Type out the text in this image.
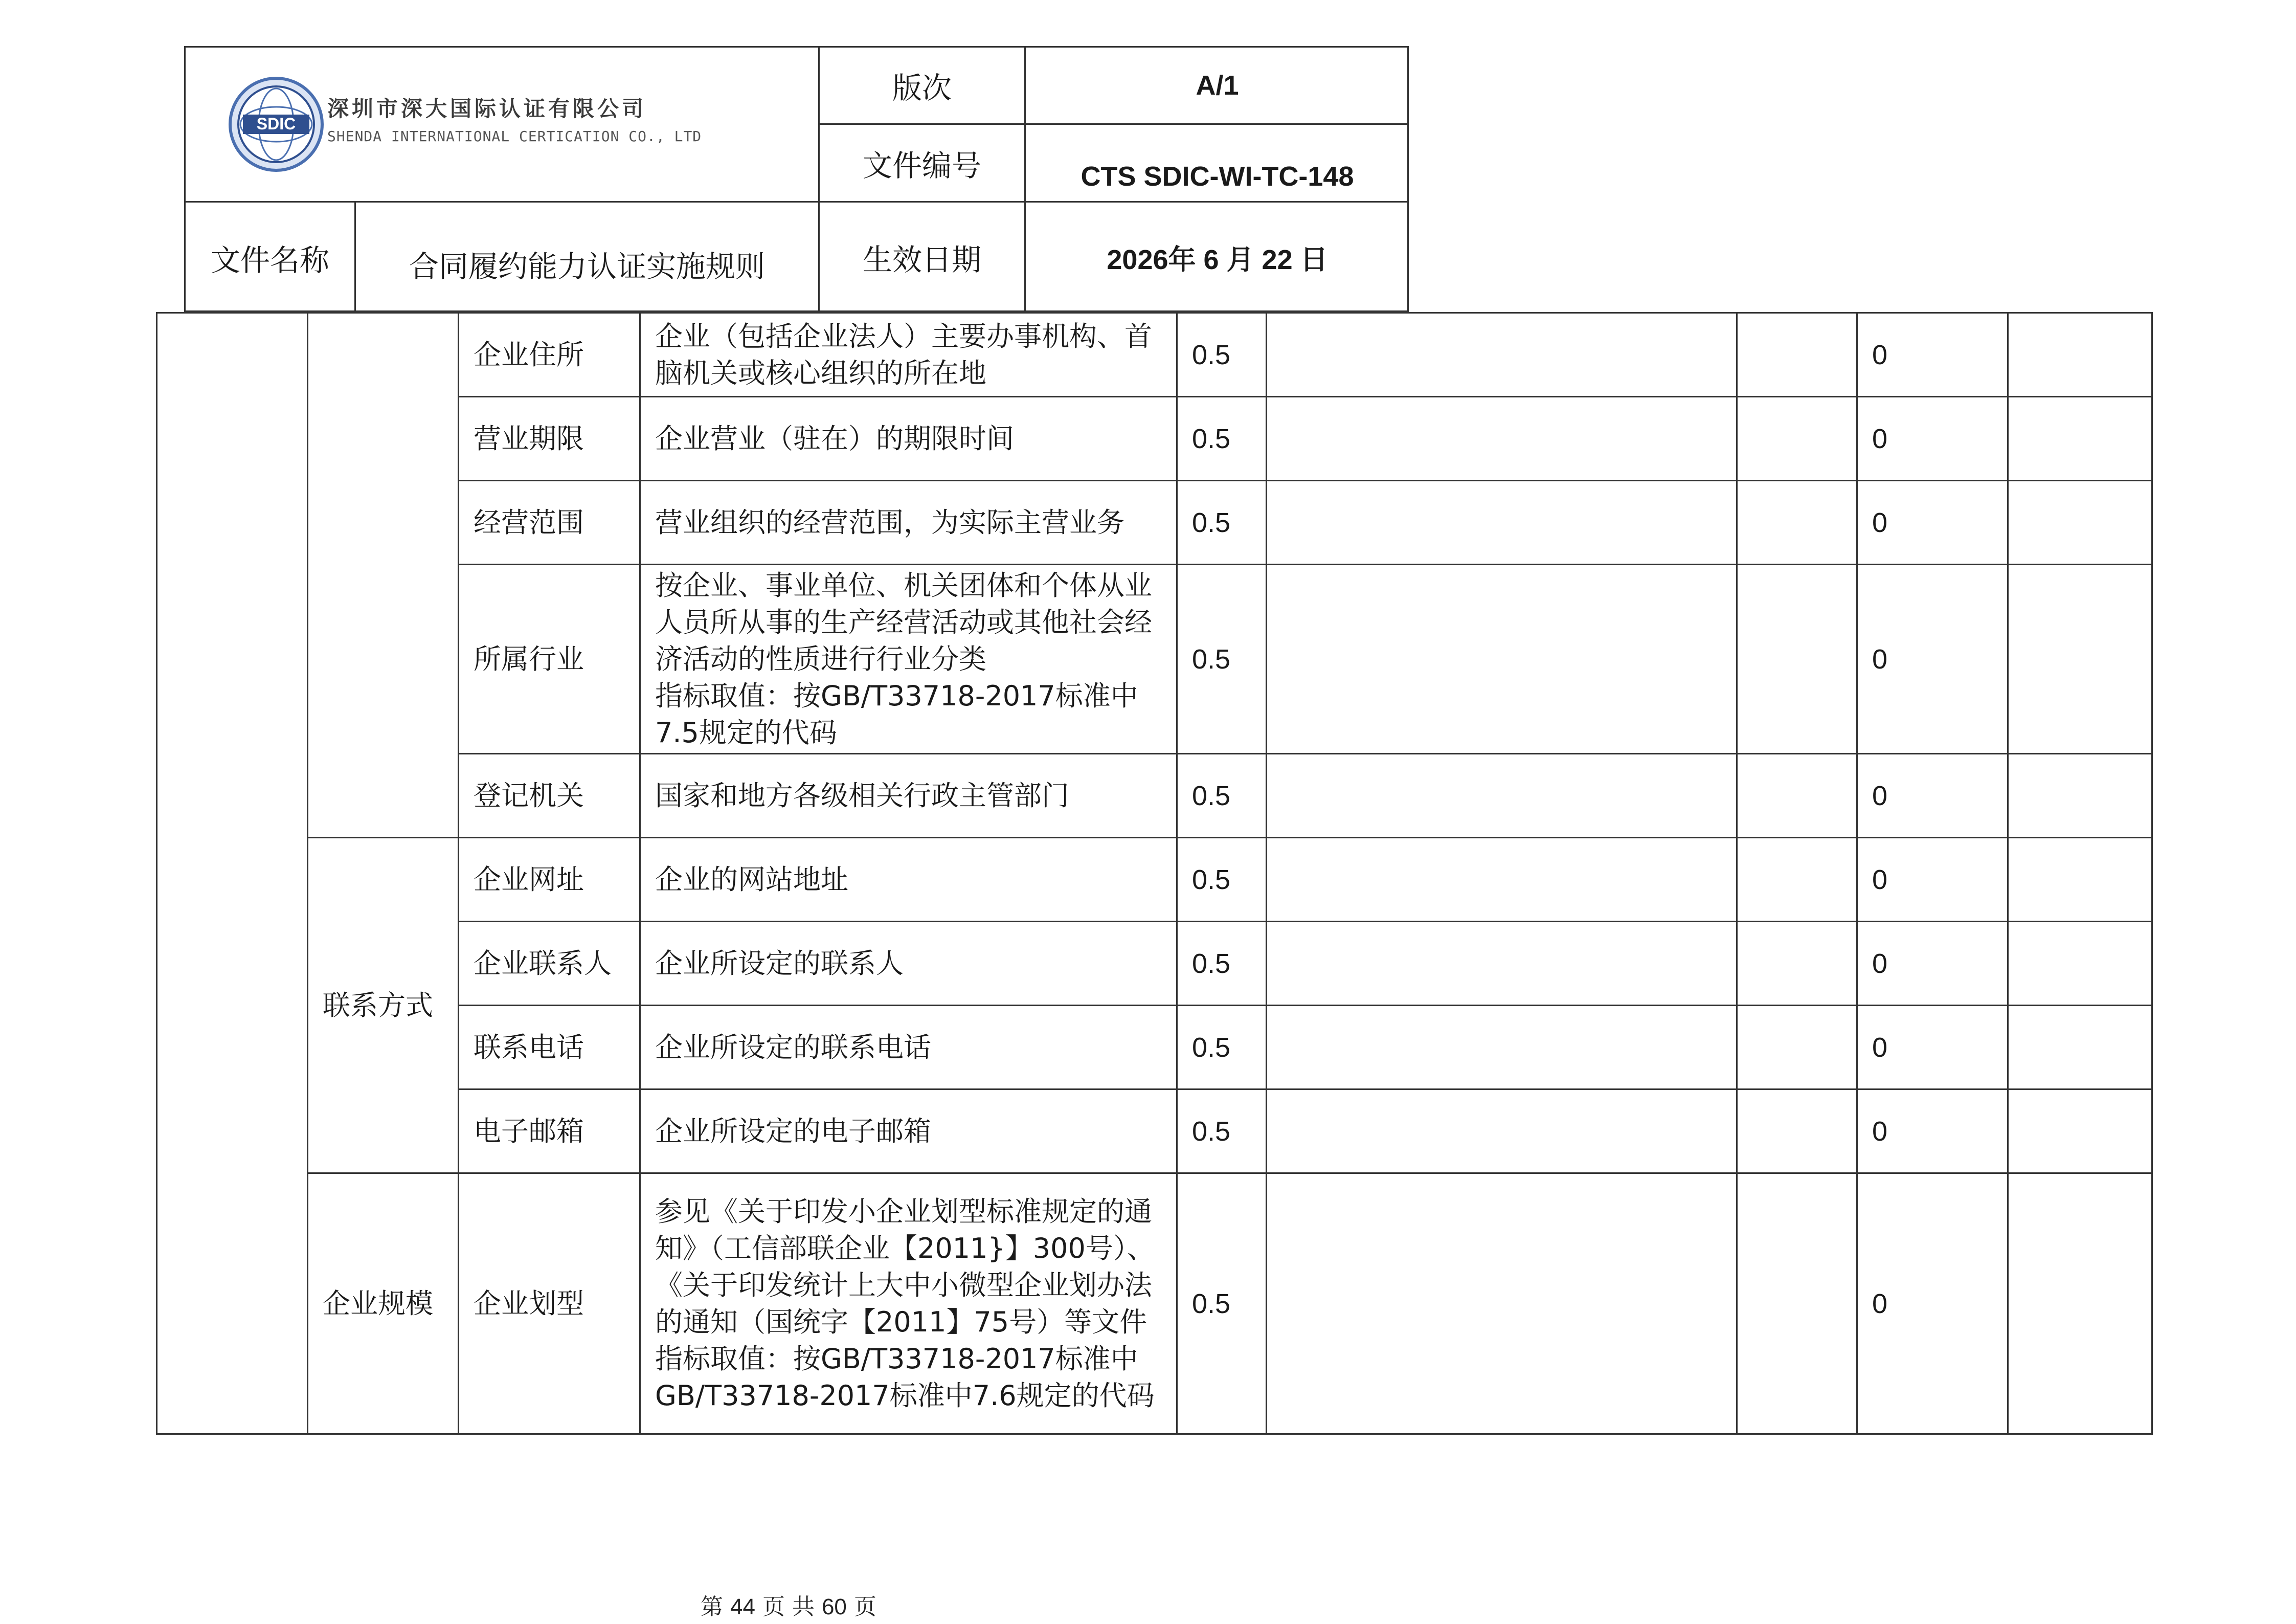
SDIC
深圳市深大国际认证有限公司
SHENDA INTERNATIONAL CERTICATION CO., LTD
版次	A/1
文件编号	CTS SDIC-WI-TC-148
文件名称	合同履约能力认证实施规则	生效日期	2026年 6 月 22 日
		企业住所	企业（包括企业法人）主要办事机构、首脑机关或核心组织的所在地	0.5			0	
		营业期限	企业营业（驻在）的期限时间	0.5			0	
		经营范围	营业组织的经营范围，为实际主营业务	0.5			0	
		所属行业	按企业、事业单位、机关团体和个体从业人员所从事的生产经营活动或其他社会经济活动的性质进行行业分类
指标取值：按GB/T33718-2017标准中7.5规定的代码	0.5			0	
		登记机关	国家和地方各级相关行政主管部门	0.5			0	
	联系方式	企业网址	企业的网站地址	0.5			0	
		企业联系人	企业所设定的联系人	0.5			0	
		联系电话	企业所设定的联系电话	0.5			0	
		电子邮箱	企业所设定的电子邮箱	0.5			0	
	企业规模	企业划型	参见《关于印发小企业划型标准规定的通知》（工信部联企业【2011}】300号）、《关于印发统计上大中小微型企业划办法的通知（国统字【2011】75号）等文件
指标取值：按GB/T33718-2017标准中GB/T33718-2017标准中7.6规定的代码	0.5			0	
第 44 页 共 60 页
